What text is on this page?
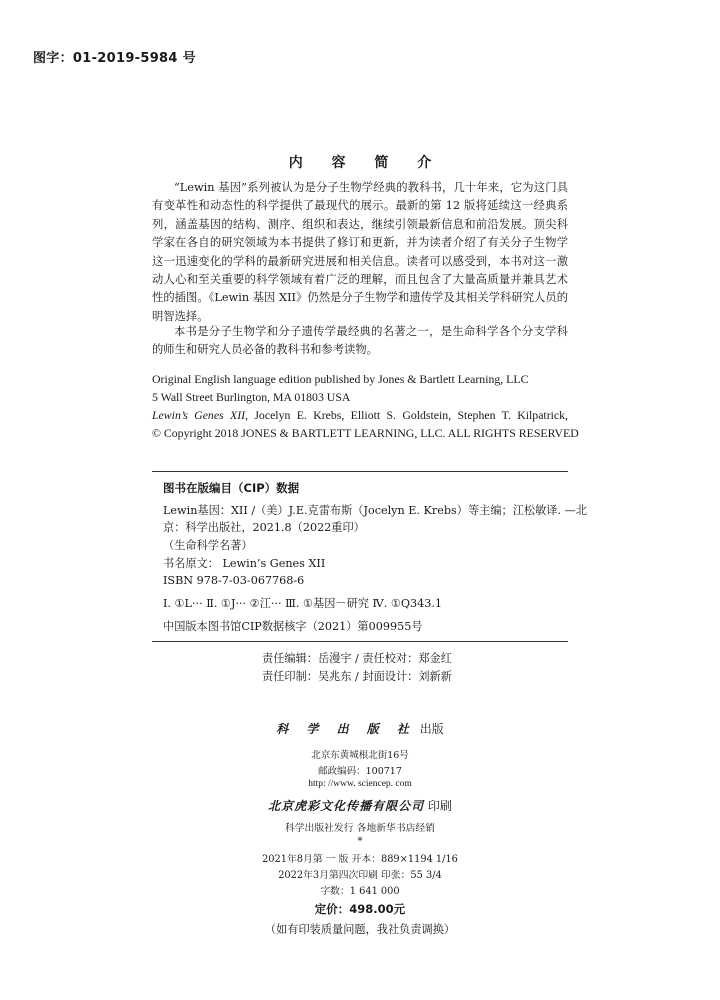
图字：01-2019-5984 号
内 容 简 介
“Lewin 基因”系列被认为是分子生物学经典的教科书，几十年来，它为这门具有变革性和动态性的科学提供了最现代的展示。最新的第 12 版将延续这一经典系列，涵盖基因的结构、测序、组织和表达，继续引领最新信息和前沿发展。顶尖科学家在各自的研究领域为本书提供了修订和更新，并为读者介绍了有关分子生物学这一迅速变化的学科的最新研究进展和相关信息。读者可以感受到，本书对这一激动人心和至关重要的科学领域有着广泛的理解，而且包含了大量高质量并兼具艺术性的插图。《Lewin 基因 XII》仍然是分子生物学和遗传学及其相关学科研究人员的明智选择。
本书是分子生物学和分子遗传学最经典的名著之一，是生命科学各个分支学科的师生和研究人员必备的教科书和参考读物。
Original English language edition published by Jones & Bartlett Learning, LLC
5 Wall Street Burlington, MA 01803 USA
Lewin’s Genes XII, Jocelyn E. Krebs, Elliott S. Goldstein, Stephen T. Kilpatrick,
© Copyright 2018 JONES & BARTLETT LEARNING, LLC. ALL RIGHTS RESERVED
图书在版编目（CIP）数据
Lewin基因：XII /（美）J.E.克雷布斯（Jocelyn E. Krebs）等主编；江松敏译. —北
京：科学出版社，2021.8（2022重印）
（生命科学名著）
书名原文： Lewin’s Genes XII
ISBN 978-7-03-067768-6
Ⅰ. ①L··· Ⅱ. ①J··· ②江··· Ⅲ. ①基因－研究 Ⅳ. ①Q343.1
中国版本图书馆CIP数据核字（2021）第009955号
责任编辑：岳漫宇 / 责任校对：郑金红
责任印制：吴兆东 / 封面设计：刘新新
科 学 出 版 社 出版
北京东黄城根北街16号
邮政编码：100717
http: //www. sciencep. com
北京虎彩文化传播有限公司 印刷
科学出版社发行 各地新华书店经销
*
2021年8月第 一 版 开本：889×1194 1/16
2022年3月第四次印刷 印张：55 3/4
字数：1 641 000
定价：498.00元
（如有印装质量问题，我社负责调换）
